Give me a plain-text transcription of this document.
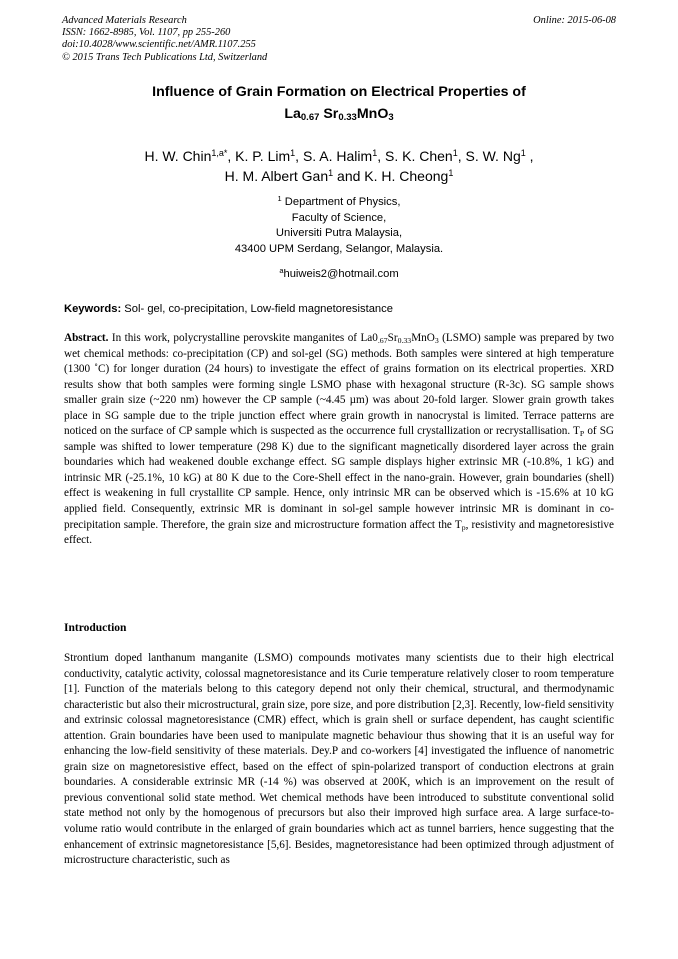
Advanced Materials Research
ISSN: 1662-8985, Vol. 1107, pp 255-260
doi:10.4028/www.scientific.net/AMR.1107.255
© 2015 Trans Tech Publications Ltd, Switzerland
Online: 2015-06-08
Influence of Grain Formation on Electrical Properties of
$La_{0.67}$ $Sr_{0.33}MnO_3$
H. W. Chin$^{1,a*}$, K. P. Lim$^1$, S. A. Halim$^1$, S. K. Chen$^1$, S. W. Ng$^1$ ,
H. M. Albert Gan$^1$ and K. H. Cheong$^1$
$^1$ Department of Physics,
Faculty of Science,
Universiti Putra Malaysia,
43400 UPM Serdang, Selangor, Malaysia.
$^a$huiweis2@hotmail.com
Keywords: Sol- gel, co-precipitation, Low-field magnetoresistance
Abstract. In this work, polycrystalline perovskite manganites of $La0_{.67}Sr_{0.33}MnO_3$ (LSMO) sample was prepared by two wet chemical methods: co-precipitation (CP) and sol-gel (SG) methods. Both samples were sintered at high temperature (1300 ˚C) for longer duration (24 hours) to investigate the effect of grains formation on its electrical properties. XRD results show that both samples were forming single LSMO phase with hexagonal structure (R-3c). SG sample shows smaller grain size (~220 nm) however the CP sample (~4.45 µm) was about 20-fold larger. Slower grain growth takes place in SG sample due to the triple junction effect where grain growth in nanocrystal is limited. Terrace patterns are noticed on the surface of CP sample which is suspected as the occurrence full crystallization or recrystallisation. $T_P$ of SG sample was shifted to lower temperature (298 K) due to the significant magnetically disordered layer across the grain boundaries which had weakened double exchange effect. SG sample displays higher extrinsic MR (-10.8%, 1 kG) and intrinsic MR (-25.1%, 10 kG) at 80 K due to the Core-Shell effect in the nano-grain. However, grain boundaries (shell) effect is weakening in full crystallite CP sample. Hence, only intrinsic MR can be observed which is -15.6% at 10 kG applied field. Consequently, extrinsic MR is dominant in sol-gel sample however intrinsic MR is dominant in co-precipitation sample. Therefore, the grain size and microstructure formation affect the $T_p$, resistivity and magnetoresistive effect.
Introduction
Strontium doped lanthanum manganite (LSMO) compounds motivates many scientists due to their high electrical conductivity, catalytic activity, colossal magnetoresistance and its Curie temperature relatively closer to room temperature [1]. Function of the materials belong to this category depend not only their chemical, structural, and thermodynamic characteristic but also their microstructural, grain size, pore size, and pore distribution [2,3]. Recently, low-field sensitivity and extrinsic colossal magnetoresistance (CMR) effect, which is grain shell or surface dependent, has caught scientific attention. Grain boundaries have been used to manipulate magnetic behaviour thus showing that it is an useful way for enhancing the low-field sensitivity of these materials. Dey.P and co-workers [4] investigated the influence of nanometric grain size on magnetoresistive effect, based on the effect of spin-polarized transport of conduction electrons at grain boundaries. A considerable extrinsic MR (-14 %) was observed at 200K, which is an improvement on the result of previous conventional solid state method. Wet chemical methods have been introduced to substitute conventional solid state method not only by the homogenous of precursors but also their improved high surface area. A large surface-to-volume ratio would contribute in the enlarged of grain boundaries which act as tunnel barriers, hence suggesting that the enhancement of extrinsic magnetoresistance [5,6]. Besides, magnetoresistance had been optimized through adjustment of microstructure characteristic, such as
